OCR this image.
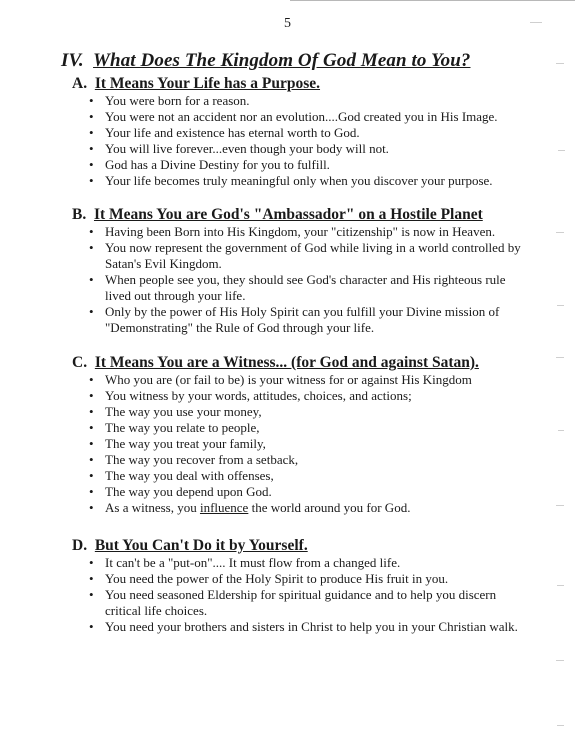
5
IV. What Does The Kingdom Of God Mean to You?
A. It Means Your Life has a Purpose.
• You were born for a reason.
• You were not an accident nor an evolution....God created you in His Image.
• Your life and existence has eternal worth to God.
• You will live forever...even though your body will not.
• God has a Divine Destiny for you to fulfill.
• Your life becomes truly meaningful only when you discover your purpose.
B. It Means You are God's "Ambassador" on a Hostile Planet
• Having been Born into His Kingdom, your "citizenship" is now in Heaven.
• You now represent the government of God while living in a world controlled by Satan's Evil Kingdom.
• When people see you, they should see God's character and His righteous rule lived out through your life.
• Only by the power of His Holy Spirit can you fulfill your Divine mission of "Demonstrating" the Rule of God through your life.
C. It Means You are a Witness... (for God and against Satan).
• Who you are (or fail to be) is your witness for or against His Kingdom
• You witness by your words, attitudes, choices, and actions;
• The way you use your money,
• The way you relate to people,
• The way you treat your family,
• The way you recover from a setback,
• The way you deal with offenses,
• The way you depend upon God.
• As a witness, you influence the world around you for God.
D. But You Can't Do it by Yourself.
• It can't be a "put-on".... It must flow from a changed life.
• You need the power of the Holy Spirit to produce His fruit in you.
• You need seasoned Eldership for spiritual guidance and to help you discern critical life choices.
• You need your brothers and sisters in Christ to help you in your Christian walk.
